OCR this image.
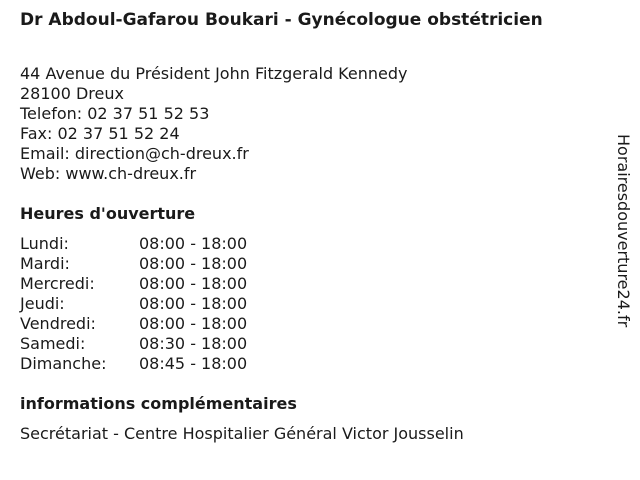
Dr Abdoul-Gafarou Boukari - Gynécologue obstétricien
44 Avenue du Président John Fitzgerald Kennedy
28100 Dreux
Telefon: 02 37 51 52 53
Fax: 02 37 51 52 24
Email: direction@ch-dreux.fr
Web: www.ch-dreux.fr
Heures d'ouverture
Lundi:	08:00 - 18:00
Mardi:	08:00 - 18:00
Mercredi:	08:00 - 18:00
Jeudi:	08:00 - 18:00
Vendredi:	08:00 - 18:00
Samedi:	08:30 - 18:00
Dimanche: 08:45 - 18:00
informations complémentaires
Secrétariat - Centre Hospitalier Général Victor Jousselin
Horairesdouverture24.fr
